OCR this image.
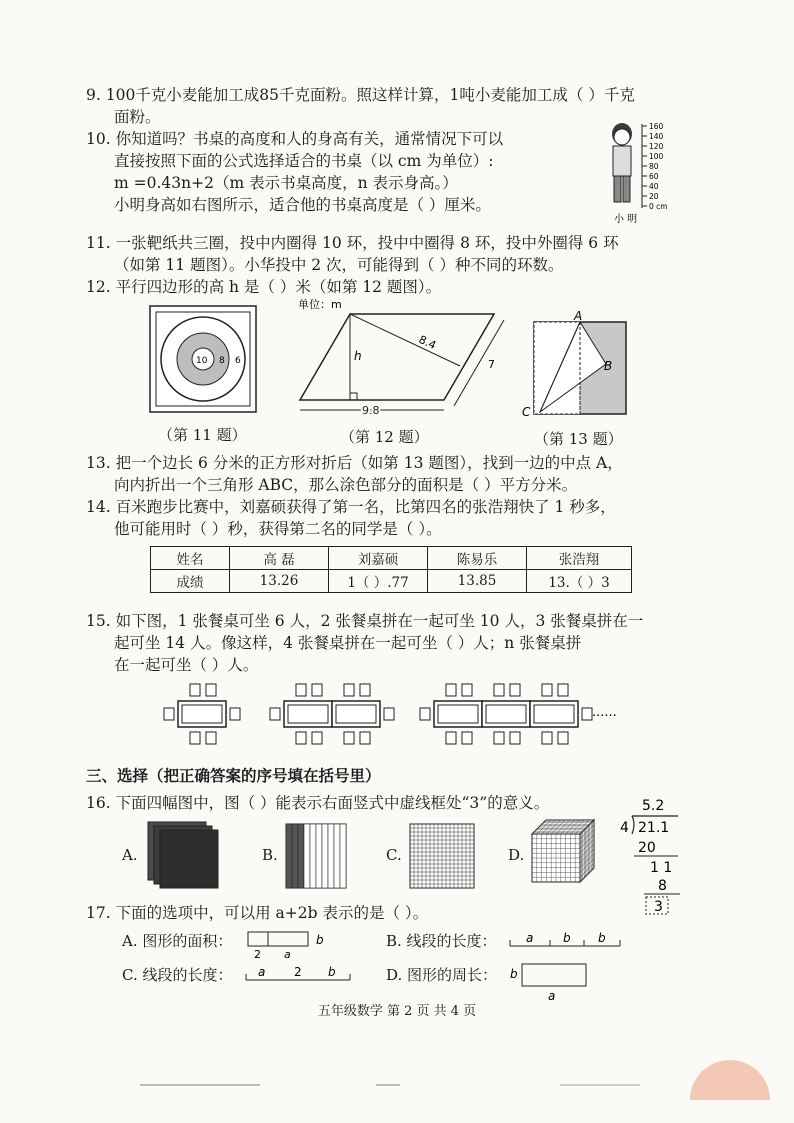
9. 100千克小麦能加工成85千克面粉。照这样计算，1吨小麦能加工成（ ）千克
面粉。
10. 你知道吗？书桌的高度和人的身高有关，通常情况下可以
直接按照下面的公式选择适合的书桌（以 cm 为单位）:
m =0.43n+2（m 表示书桌高度，n 表示身高。）
小明身高如右图所示，适合他的书桌高度是（ ）厘米。
160
140
120
100
80
60
40
20
0 cm
小 明
11. 一张靶纸共三圈，投中内圈得 10 环，投中中圈得 8 环，投中外圈得 6 环
（如第 11 题图）。小华投中 2 次，可能得到（ ）种不同的环数。
12. 平行四边形的高 h 是（ ）米（如第 12 题图）。
10 8 6
单位：m
h
8.4
7
9.8
A
B
C
（第 11 题）	（第 12 题）	（第 13 题）
13. 把一个边长 6 分米的正方形对折后（如第 13 题图），找到一边的中点 A，
向内折出一个三角形 ABC，那么涂色部分的面积是（ ）平方分米。
14. 百米跑步比赛中，刘嘉硕获得了第一名，比第四名的张浩翔快了 1 秒多，
他可能用时（ ）秒，获得第二名的同学是（ ）。
姓名	高 磊	刘嘉硕	陈易乐	张浩翔
成绩	13.26	1（ ）.77	13.85	13.（ ）3
15. 如下图，1 张餐桌可坐 6 人，2 张餐桌拼在一起可坐 10 人，3 张餐桌拼在一
起可坐 14 人。像这样，4 张餐桌拼在一起可坐（ ）人；n 张餐桌拼
在一起可坐（ ）人。
······
三、选择（把正确答案的序号填在括号里）
16. 下面四幅图中，图（ ）能表示右面竖式中虚线框处“3”的意义。
A.	B.	C.	D.
5.2
4 21.1
20
1 1
8
3
17. 下面的选项中，可以用 a+2b 表示的是（ ）。
A. 图形的面积：	b
2 a
B. 线段的长度： a b b
C. 线段的长度： a 2 b	D. 图形的周长： b
a
五年级数学 第 2 页 共 4 页
